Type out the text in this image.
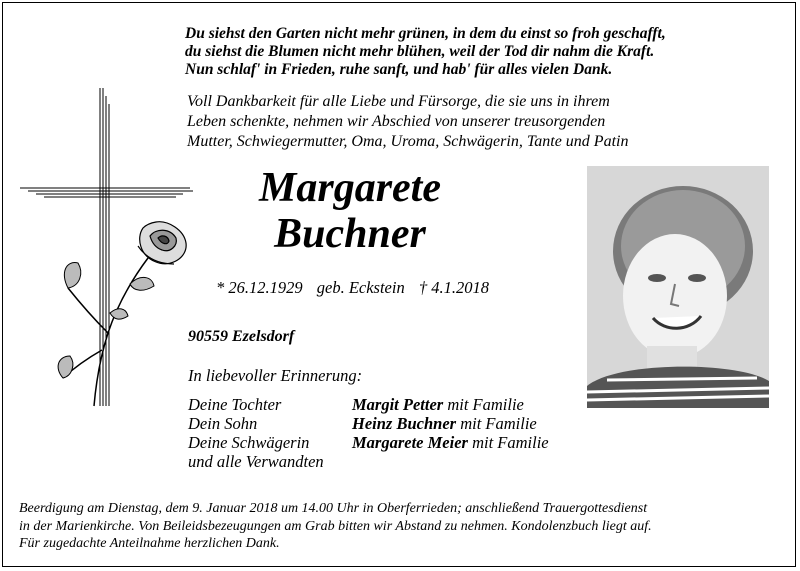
Du siehst den Garten nicht mehr grünen, in dem du einst so froh geschafft,
du siehst die Blumen nicht mehr blühen, weil der Tod dir nahm die Kraft.
Nun schlaf' in Frieden, ruhe sanft, und hab' für alles vielen Dank.
Voll Dankbarkeit für alle Liebe und Fürsorge, die sie uns in ihrem
Leben schenkte, nehmen wir Abschied von unserer treusorgenden
Mutter, Schwiegermutter, Oma, Uroma, Schwägerin, Tante und Patin
Margarete
Buchner
* 26.12.1929 geb. Eckstein † 4.1.2018
90559 Ezelsdorf
In liebevoller Erinnerung:
Deine Tochter	Margit Petter mit Familie
Dein Sohn	Heinz Buchner mit Familie
Deine Schwägerin	Margarete Meier mit Familie
und alle Verwandten
Beerdigung am Dienstag, dem 9. Januar 2018 um 14.00 Uhr in Oberferrieden; anschließend Trauergottesdienst
in der Marienkirche. Von Beileidsbezeugungen am Grab bitten wir Abstand zu nehmen. Kondolenzbuch liegt auf.
Für zugedachte Anteilnahme herzlichen Dank.
